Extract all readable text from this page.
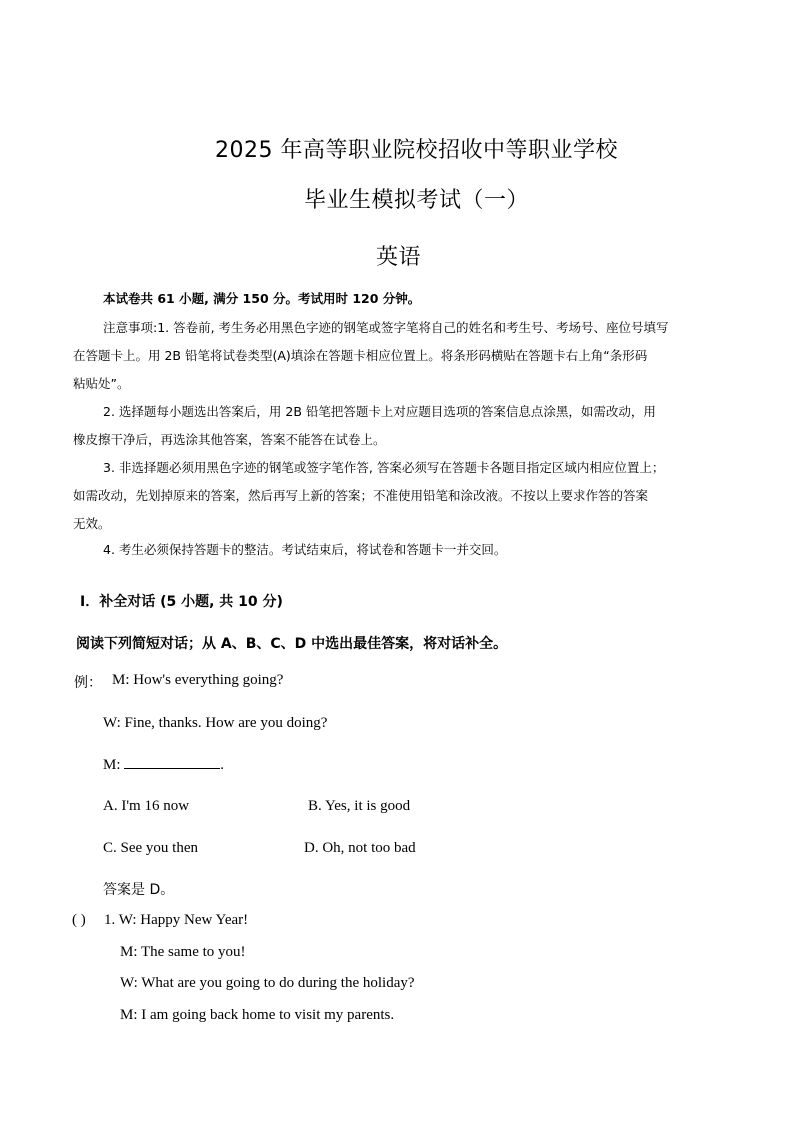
2025 年高等职业院校招收中等职业学校
毕业生模拟考试（一）
英语
本试卷共 61 小题, 满分 150 分。考试用时 120 分钟。
注意事项:1. 答卷前, 考生务必用黑色字迹的钢笔或签字笔将自己的姓名和考生号、考场号、座位号填写
在答题卡上。用 2B 铅笔将试卷类型(A)填涂在答题卡相应位置上。将条形码横贴在答题卡右上角“条形码
粘贴处”。
2. 选择题每小题选出答案后，用 2B 铅笔把答题卡上对应题目选项的答案信息点涂黑，如需改动，用
橡皮擦干净后，再选涂其他答案，答案不能答在试卷上。
3. 非选择题必须用黑色字迹的钢笔或签字笔作答, 答案必须写在答题卡各题目指定区域内相应位置上；
如需改动，先划掉原来的答案，然后再写上新的答案；不准使用铅笔和涂改液。不按以上要求作答的答案
无效。
4. 考生必须保持答题卡的整洁。考试结束后，将试卷和答题卡一并交回。
Ⅰ．补全对话 (5 小题, 共 10 分)
阅读下列简短对话；从 A、B、C、D 中选出最佳答案，将对话补全。
例： M: How's everything going?
W: Fine, thanks. How are you doing?
M:	.
A. I'm 16 now	B. Yes, it is good
C. See you then	D. Oh, not too bad
答案是 D。
( ) 1. W: Happy New Year!
M: The same to you!
W: What are you going to do during the holiday?
M: I am going back home to visit my parents.
